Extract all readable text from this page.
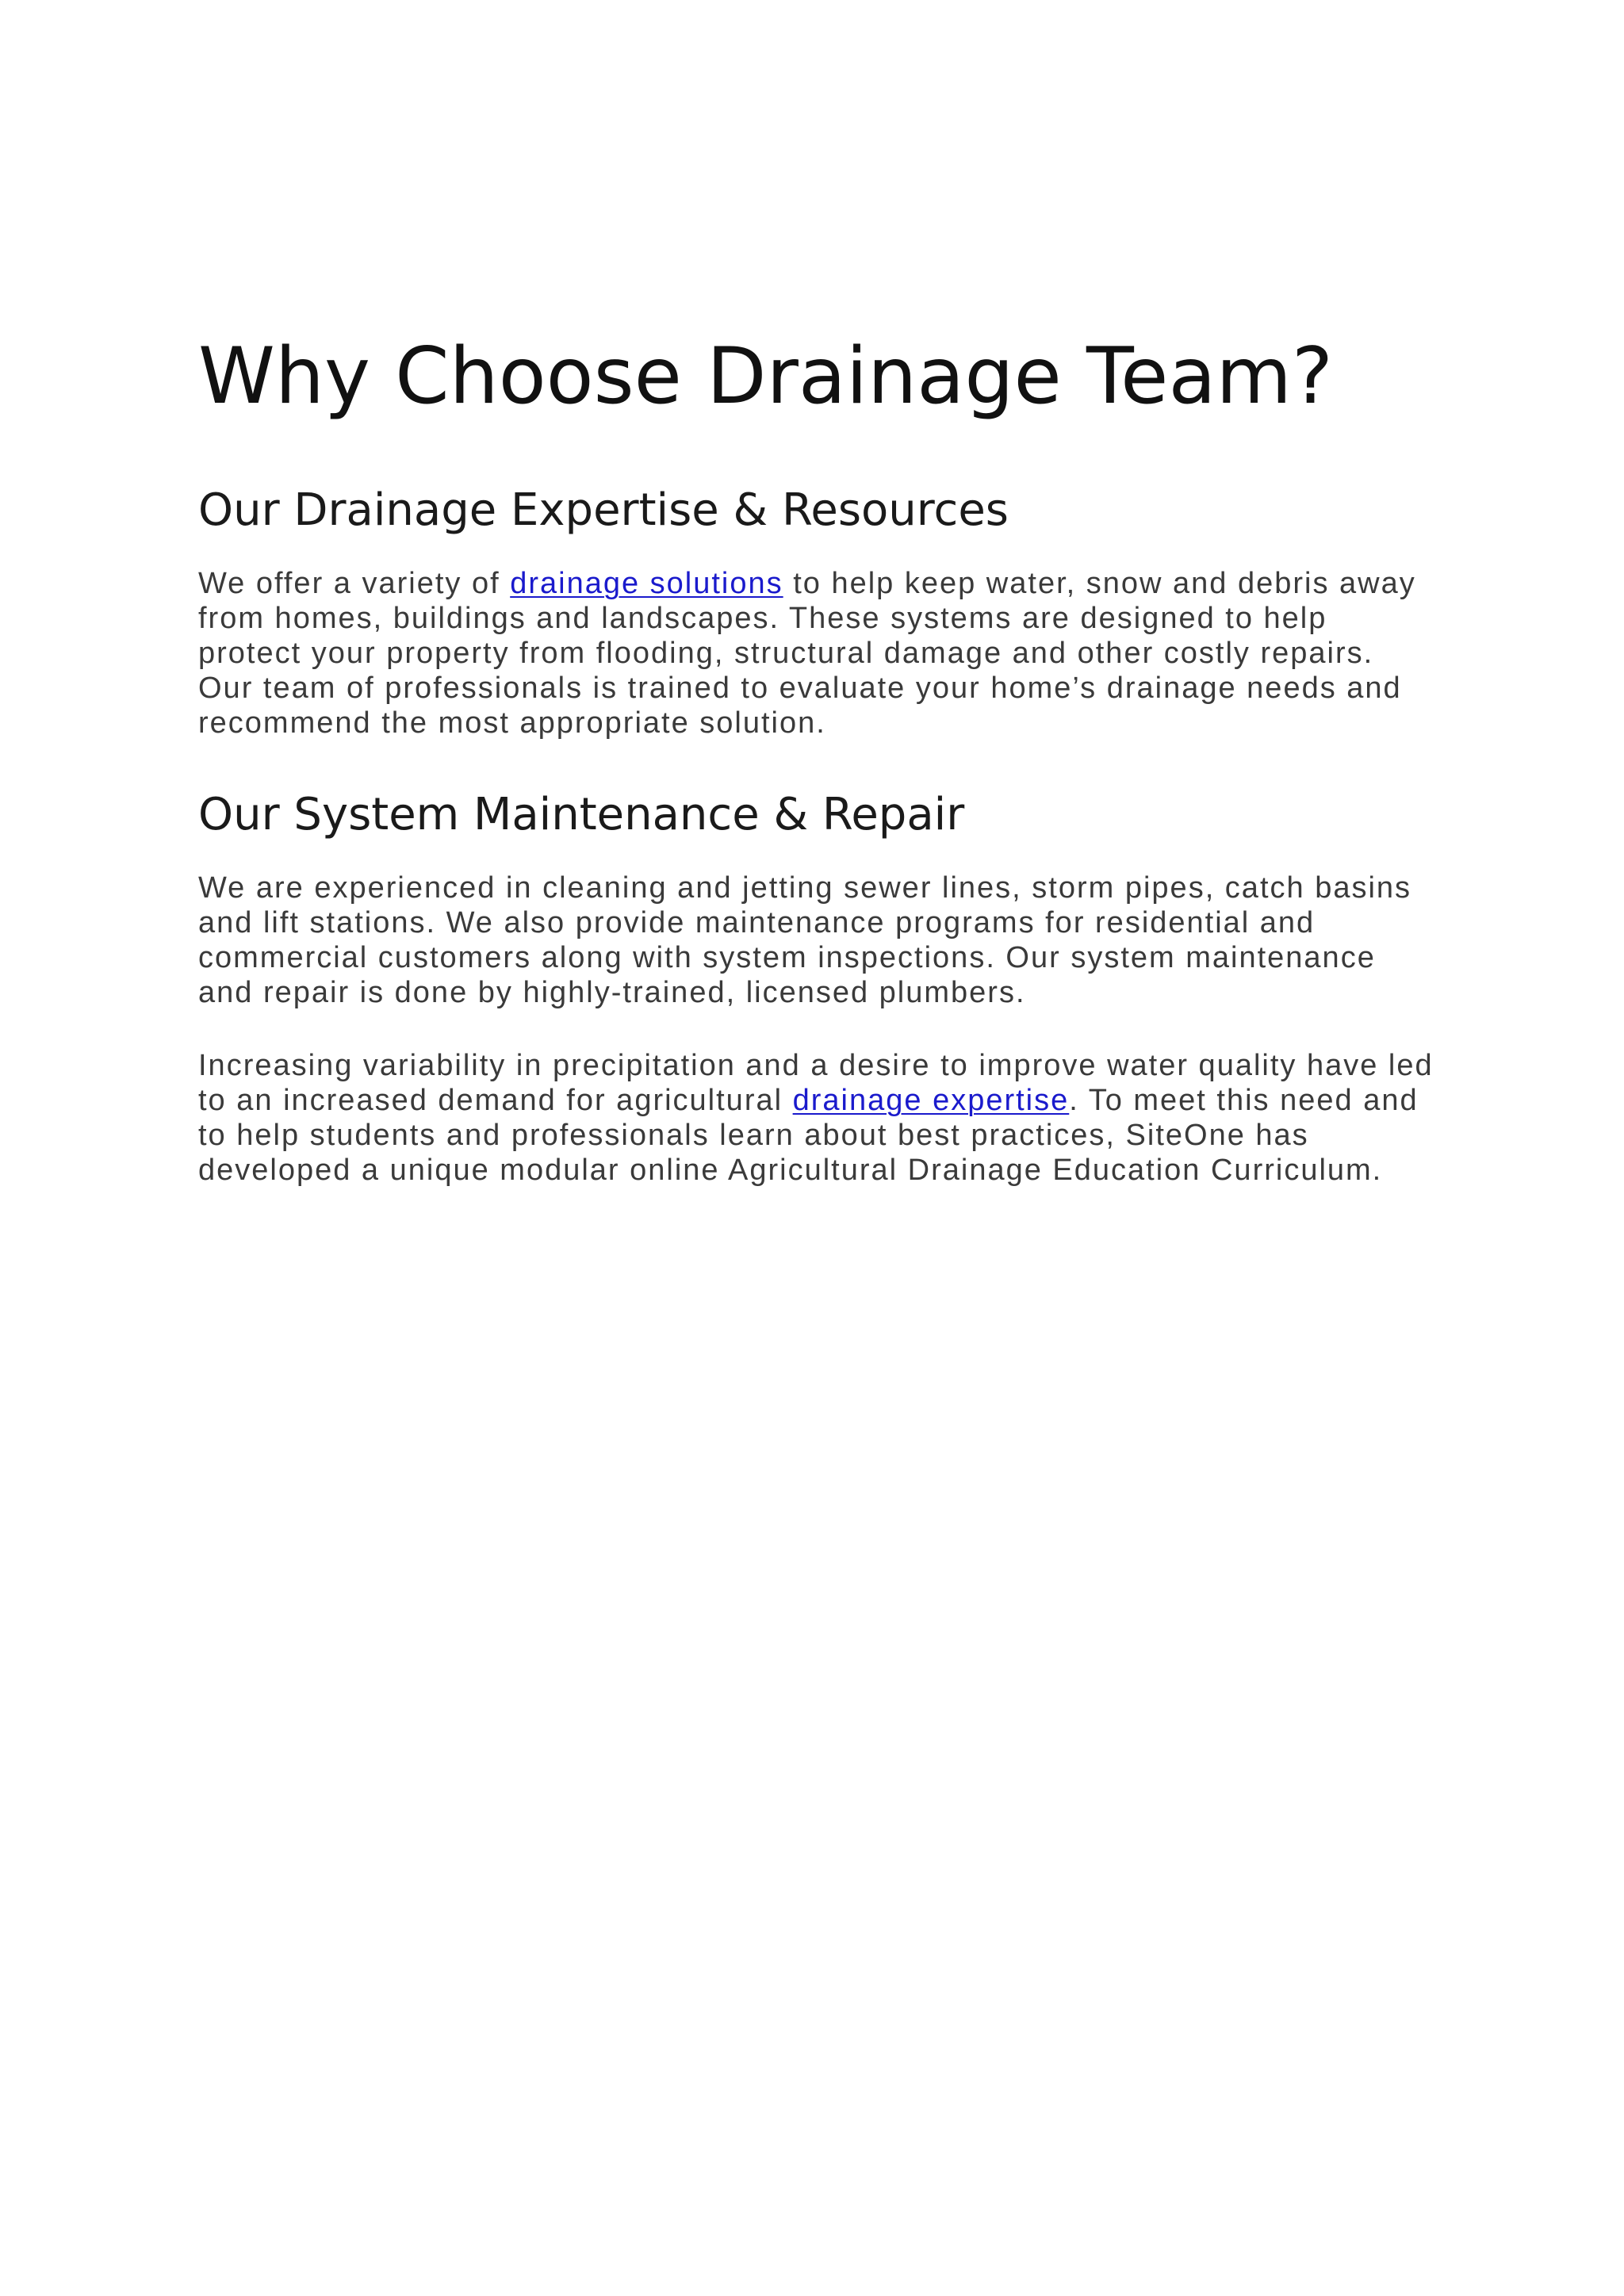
Why Choose Drainage Team?
Our Drainage Expertise & Resources

We offer a variety of drainage solutions to help keep water, snow and debris away from homes, buildings and landscapes. These systems are designed to help protect your property from flooding, structural damage and other costly repairs. Our team of professionals is trained to evaluate your home’s drainage needs and recommend the most appropriate solution.

Our System Maintenance & Repair

We are experienced in cleaning and jetting sewer lines, storm pipes, catch basins and lift stations. We also provide maintenance programs for residential and commercial customers along with system inspections. Our system maintenance and repair is done by highly-trained, licensed plumbers.

Increasing variability in precipitation and a desire to improve water quality have led to an increased demand for agricultural drainage expertise. To meet this need and to help students and professionals learn about best practices, SiteOne has developed a unique modular online Agricultural Drainage Education Curriculum.
